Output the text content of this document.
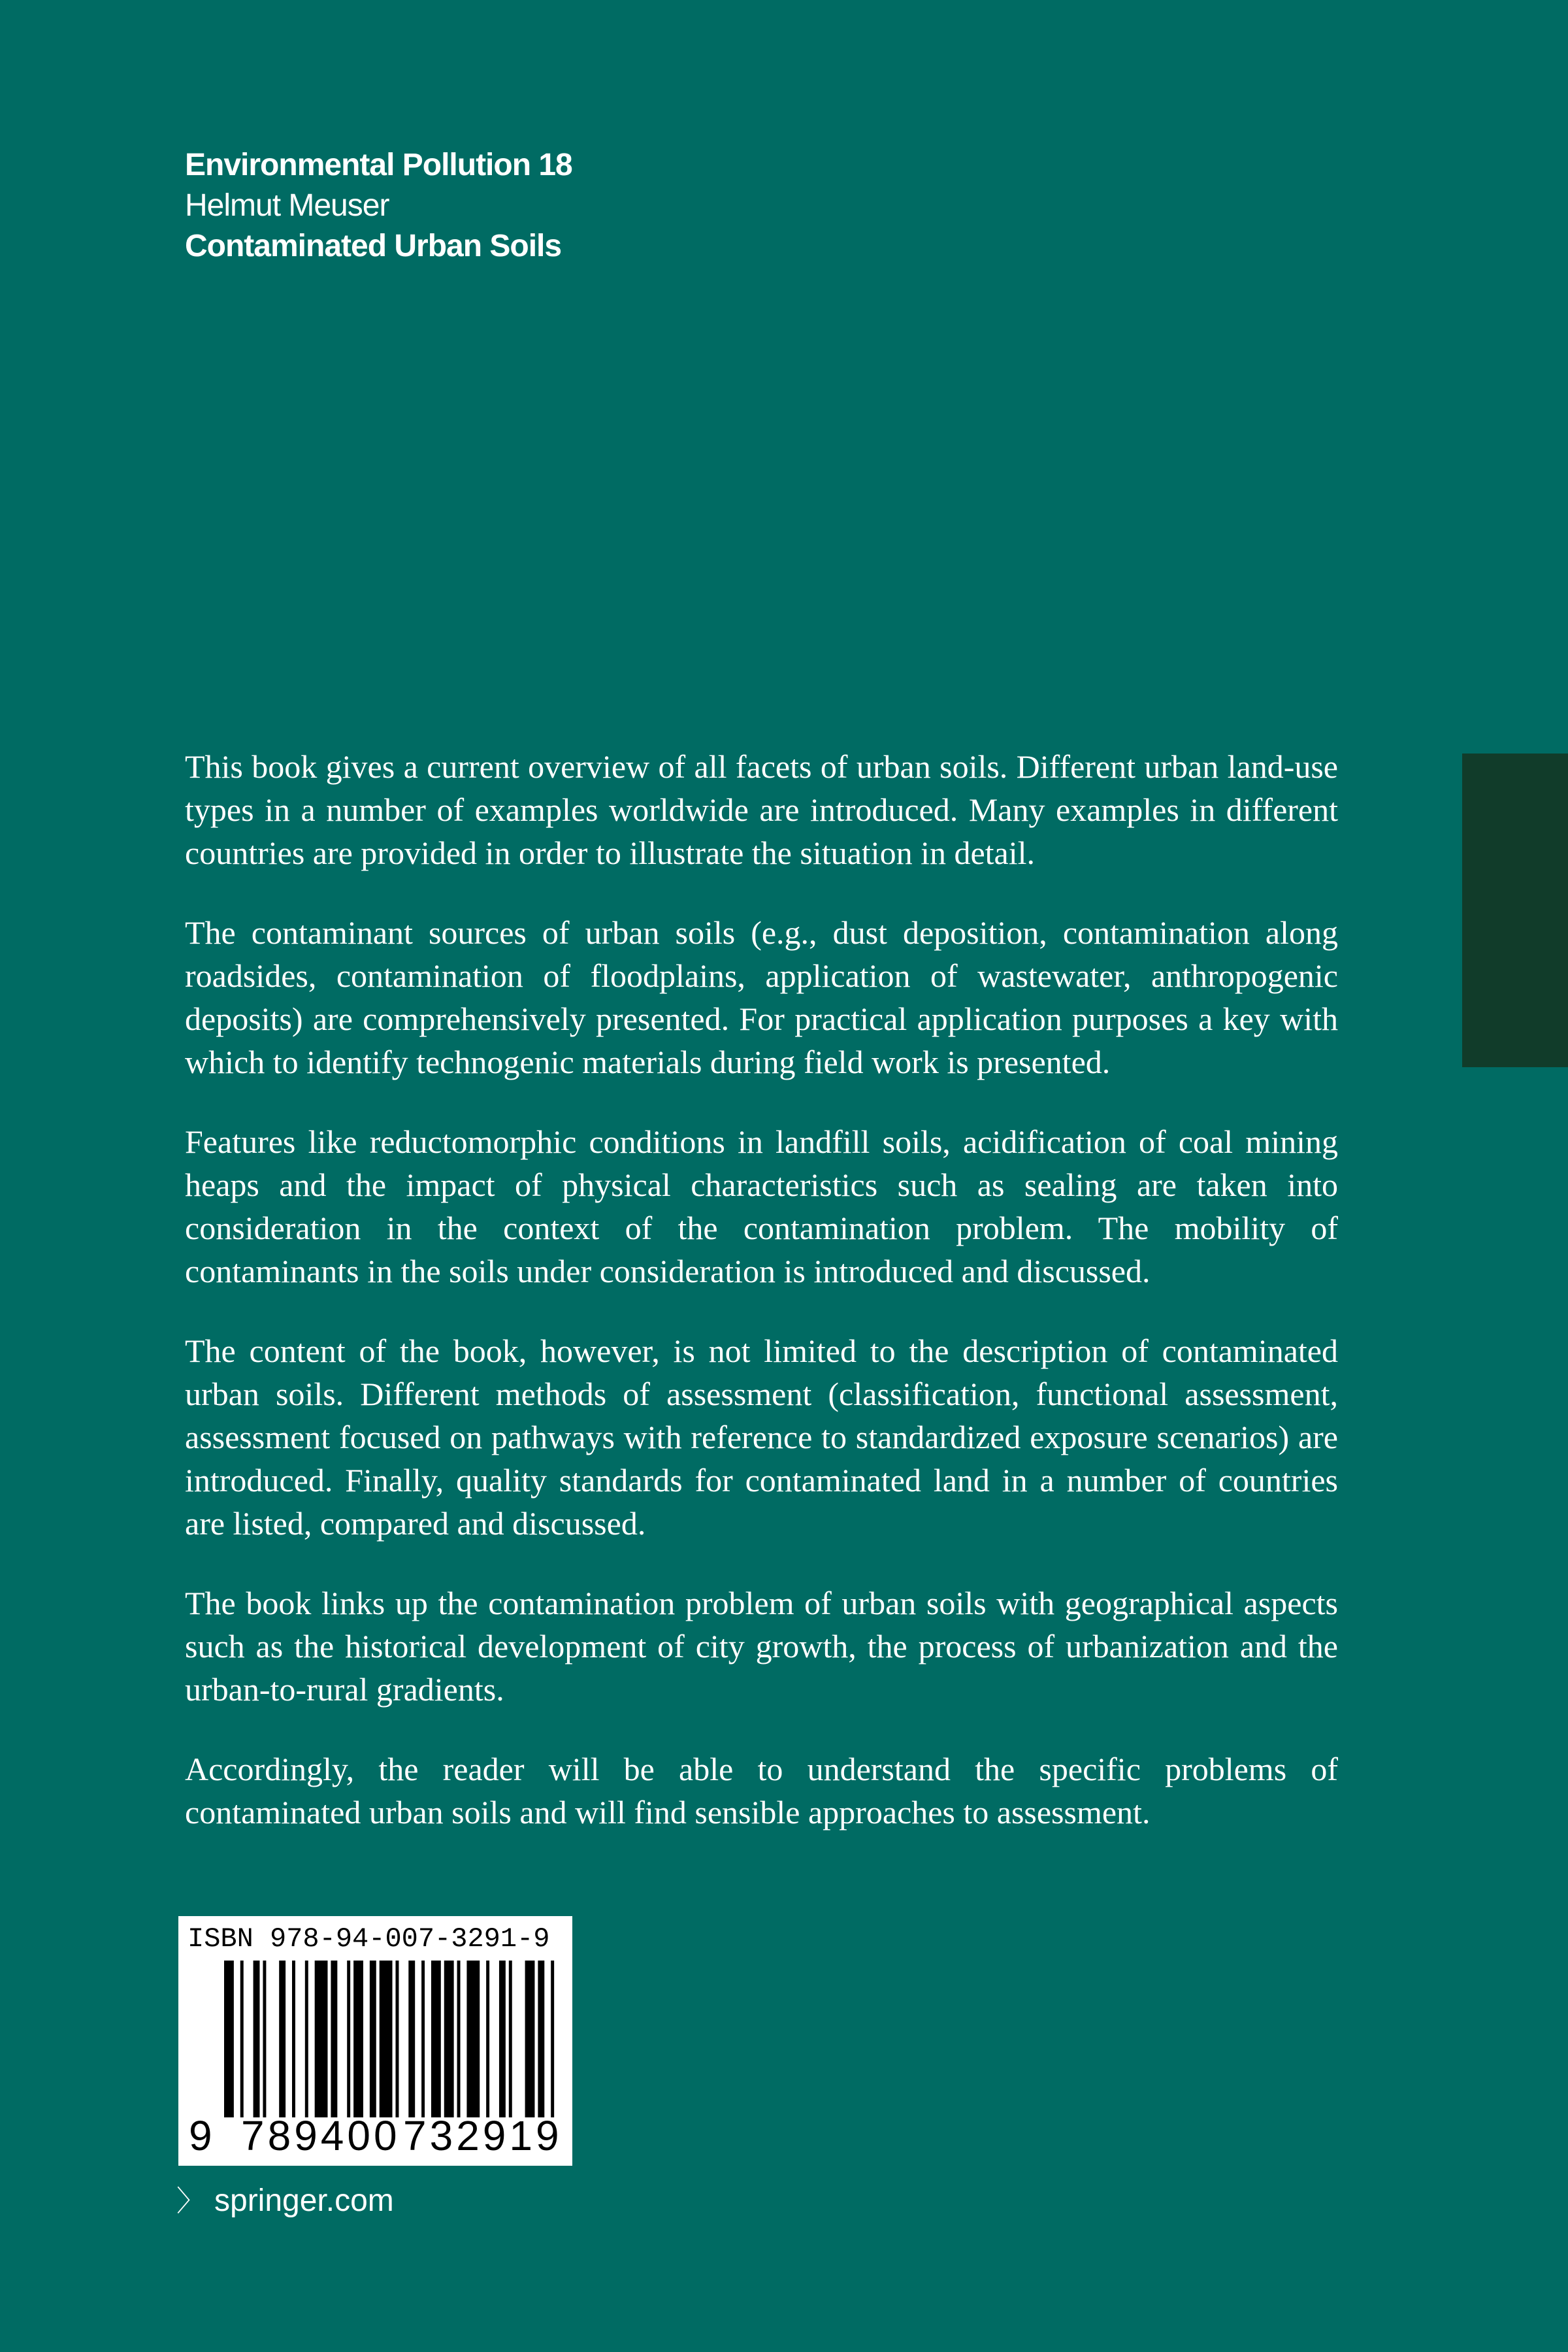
Environmental Pollution 18
Helmut Meuser
Contaminated Urban Soils

This book gives a current overview of all facets of urban soils. Different urban land-use types in a number of examples worldwide are introduced. Many examples in different countries are provided in order to illustrate the situation in detail.

The contaminant sources of urban soils (e.g., dust deposition, contamination along roadsides, contamination of floodplains, application of wastewater, anthropogenic deposits) are comprehensively presented. For practical application purposes a key with which to identify technogenic materials during field work is presented.

Features like reductomorphic conditions in landfill soils, acidification of coal mining heaps and the impact of physical characteristics such as sealing are taken into consideration in the context of the contamination problem. The mobility of contaminants in the soils under consideration is introduced and discussed.

The content of the book, however, is not limited to the description of contaminated urban soils. Different methods of assessment (classification, functional assessment, assessment focused on pathways with reference to standardized exposure scenarios) are introduced. Finally, quality standards for contaminated land in a number of countries are listed, compared and discussed.

The book links up the contamination problem of urban soils with geographical aspects such as the historical development of city growth, the process of urbanization and the urban-to-rural gradients.

Accordingly, the reader will be able to understand the specific problems of contaminated urban soils and will find sensible approaches to assessment.

ISBN 978-94-007-3291-9
9 789400 732919
〉 springer.com
